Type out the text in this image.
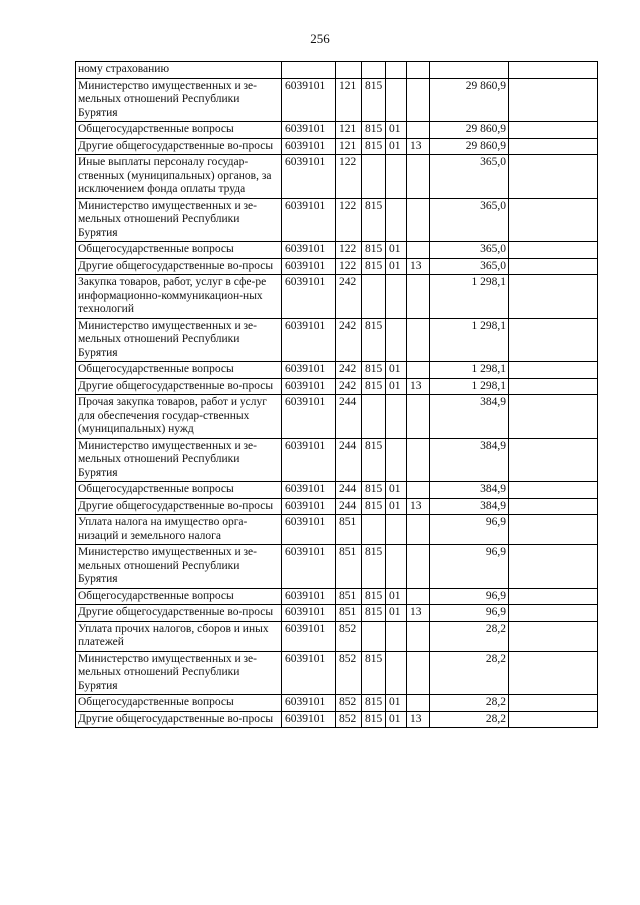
256
ному страхованию							
Министерство имущественных и зе-мельных отношений Республики Бурятия	6039101	121	815			29 860,9	
Общегосударственные вопросы	6039101	121	815	01		29 860,9	
Другие общегосударственные во-просы	6039101	121	815	01	13	29 860,9	
Иные выплаты персоналу государ-ственных (муниципальных) органов, за исключением фонда оплаты труда	6039101	122				365,0	
Министерство имущественных и зе-мельных отношений Республики Бурятия	6039101	122	815			365,0	
Общегосударственные вопросы	6039101	122	815	01		365,0	
Другие общегосударственные во-просы	6039101	122	815	01	13	365,0	
Закупка товаров, работ, услуг в сфе-ре информационно-коммуникацион-ных технологий	6039101	242				1 298,1	
Министерство имущественных и зе-мельных отношений Республики Бурятия	6039101	242	815			1 298,1	
Общегосударственные вопросы	6039101	242	815	01		1 298,1	
Другие общегосударственные во-просы	6039101	242	815	01	13	1 298,1	
Прочая закупка товаров, работ и услуг для обеспечения государ-ственных (муниципальных) нужд	6039101	244				384,9	
Министерство имущественных и зе-мельных отношений Республики Бурятия	6039101	244	815			384,9	
Общегосударственные вопросы	6039101	244	815	01		384,9	
Другие общегосударственные во-просы	6039101	244	815	01	13	384,9	
Уплата налога на имущество орга-низаций и земельного налога	6039101	851				96,9	
Министерство имущественных и зе-мельных отношений Республики Бурятия	6039101	851	815			96,9	
Общегосударственные вопросы	6039101	851	815	01		96,9	
Другие общегосударственные во-просы	6039101	851	815	01	13	96,9	
Уплата прочих налогов, сборов и иных платежей	6039101	852				28,2	
Министерство имущественных и зе-мельных отношений Республики Бурятия	6039101	852	815			28,2	
Общегосударственные вопросы	6039101	852	815	01		28,2	
Другие общегосударственные во-просы	6039101	852	815	01	13	28,2	
